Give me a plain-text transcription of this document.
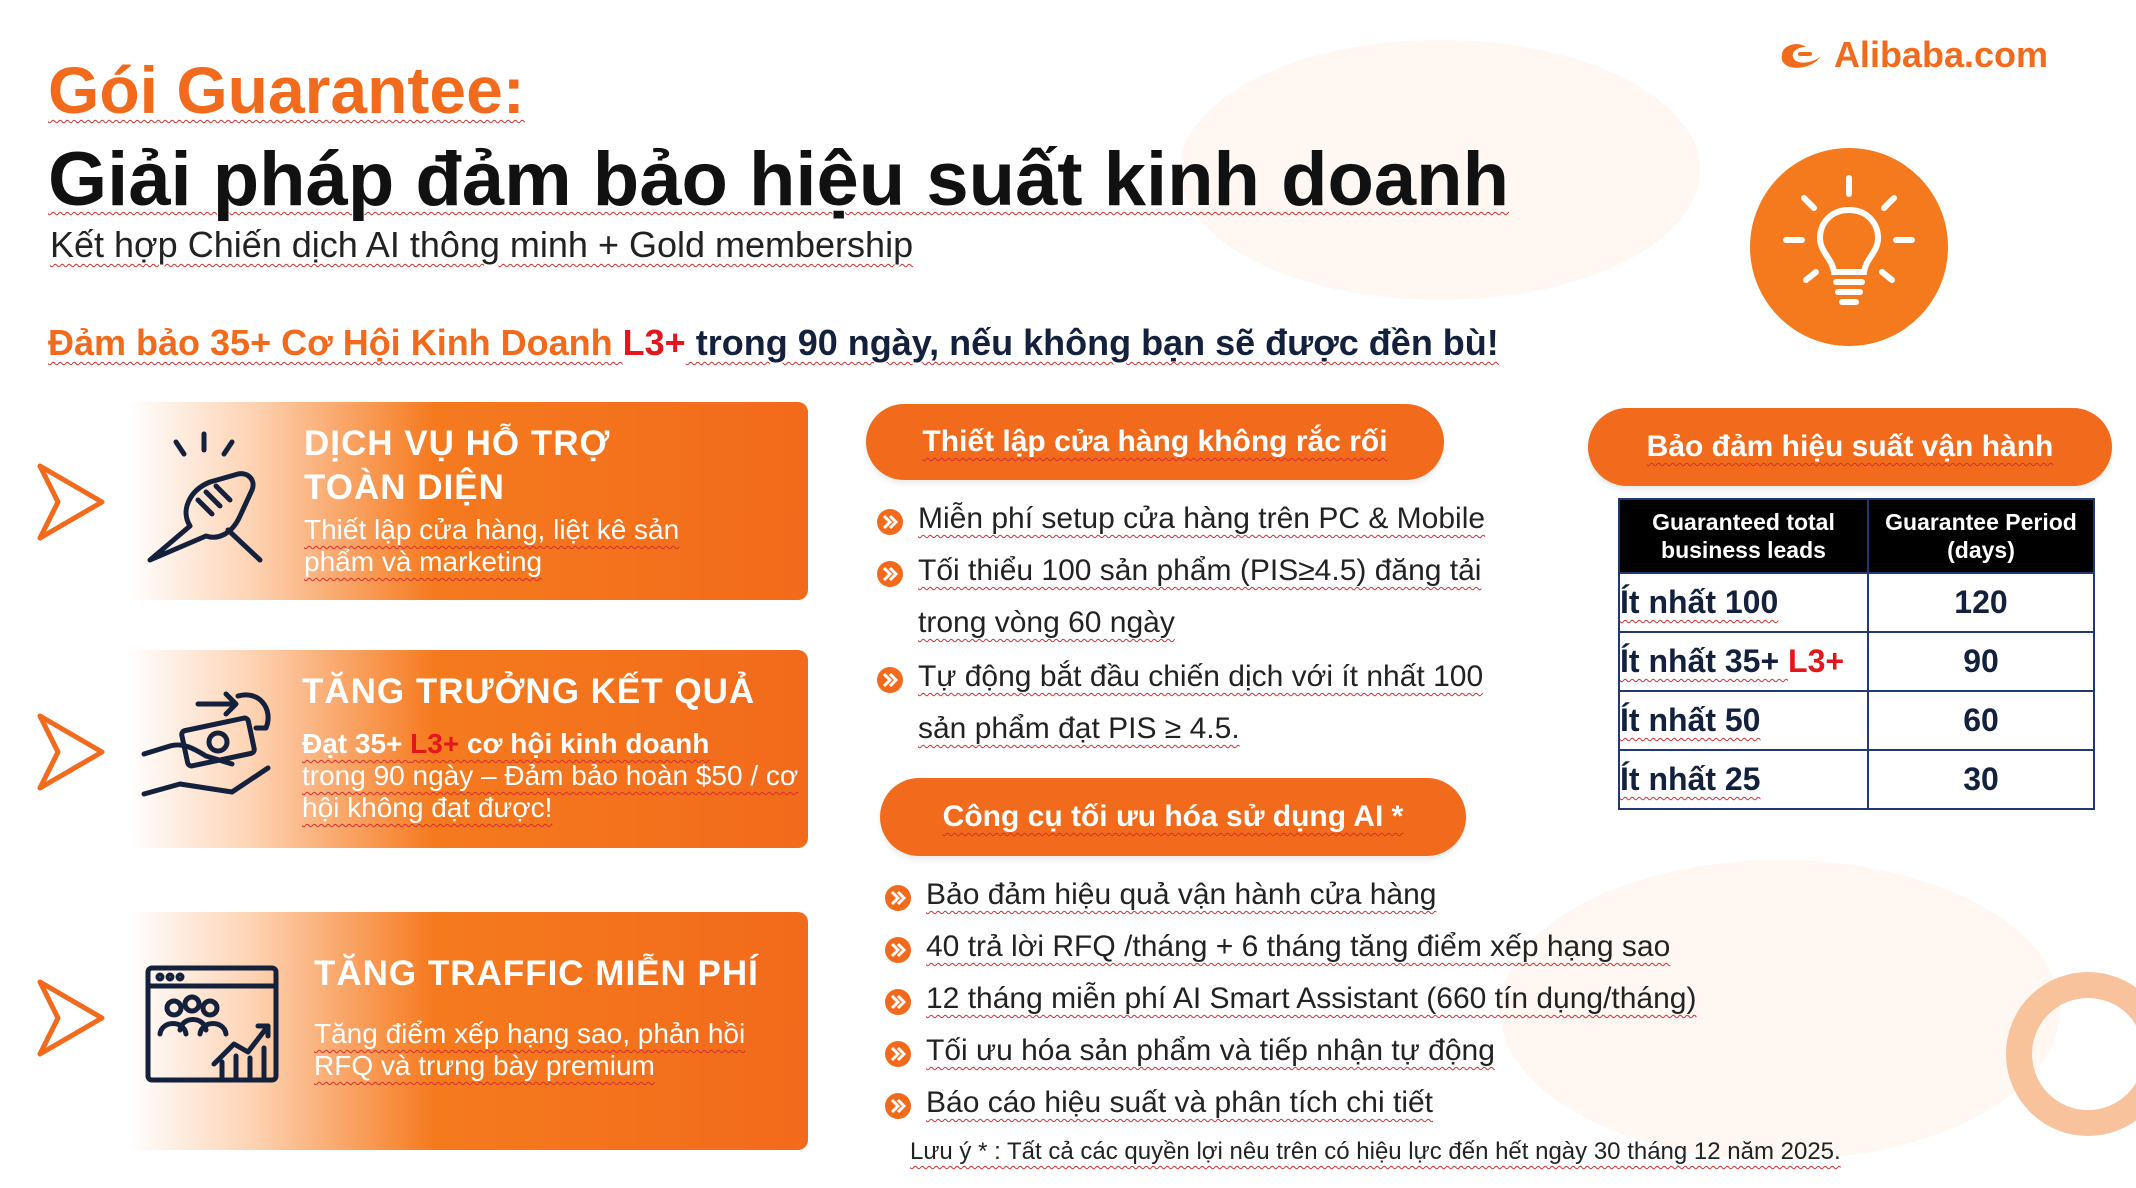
Gói Guarantee:
Giải pháp đảm bảo hiệu suất kinh doanh
Kết hợp Chiến dịch AI thông minh + Gold membership
Đảm bảo 35+ Cơ Hội Kinh Doanh L3+ trong 90 ngày, nếu không bạn sẽ được đền bù!
Alibaba.com
DỊCH VỤ HỖ TRỢ TOÀN DIỆN
Thiết lập cửa hàng, liệt kê sản phẩm và marketing
TĂNG TRƯỞNG KẾT QUẢ
Đạt 35+ L3+ cơ hội kinh doanh
trong 90 ngày – Đảm bảo hoàn $50 / cơ hội không đạt được!
TĂNG TRAFFIC MIỄN PHÍ
Tăng điểm xếp hạng sao, phản hồi RFQ và trưng bày premium
Thiết lập cửa hàng không rắc rối
Miễn phí setup cửa hàng trên PC & Mobile
Tối thiểu 100 sản phẩm (PIS≥4.5) đăng tải
trong vòng 60 ngày
Tự động bắt đầu chiến dịch với ít nhất 100
sản phẩm đạt PIS ≥ 4.5.
Công cụ tối ưu hóa sử dụng AI *
Bảo đảm hiệu quả vận hành cửa hàng
40 trả lời RFQ /tháng + 6 tháng tăng điểm xếp hạng sao
12 tháng miễn phí AI Smart Assistant (660 tín dụng/tháng)
Tối ưu hóa sản phẩm và tiếp nhận tự động
Báo cáo hiệu suất và phân tích chi tiết
Bảo đảm hiệu suất vận hành
Guaranteed total business leads	Guarantee Period (days)
Ít nhất 100	120
Ít nhất 35+ L3+	90
Ít nhất 50	60
Ít nhất 25	30
Lưu ý * : Tất cả các quyền lợi nêu trên có hiệu lực đến hết ngày 30 tháng 12 năm 2025.
